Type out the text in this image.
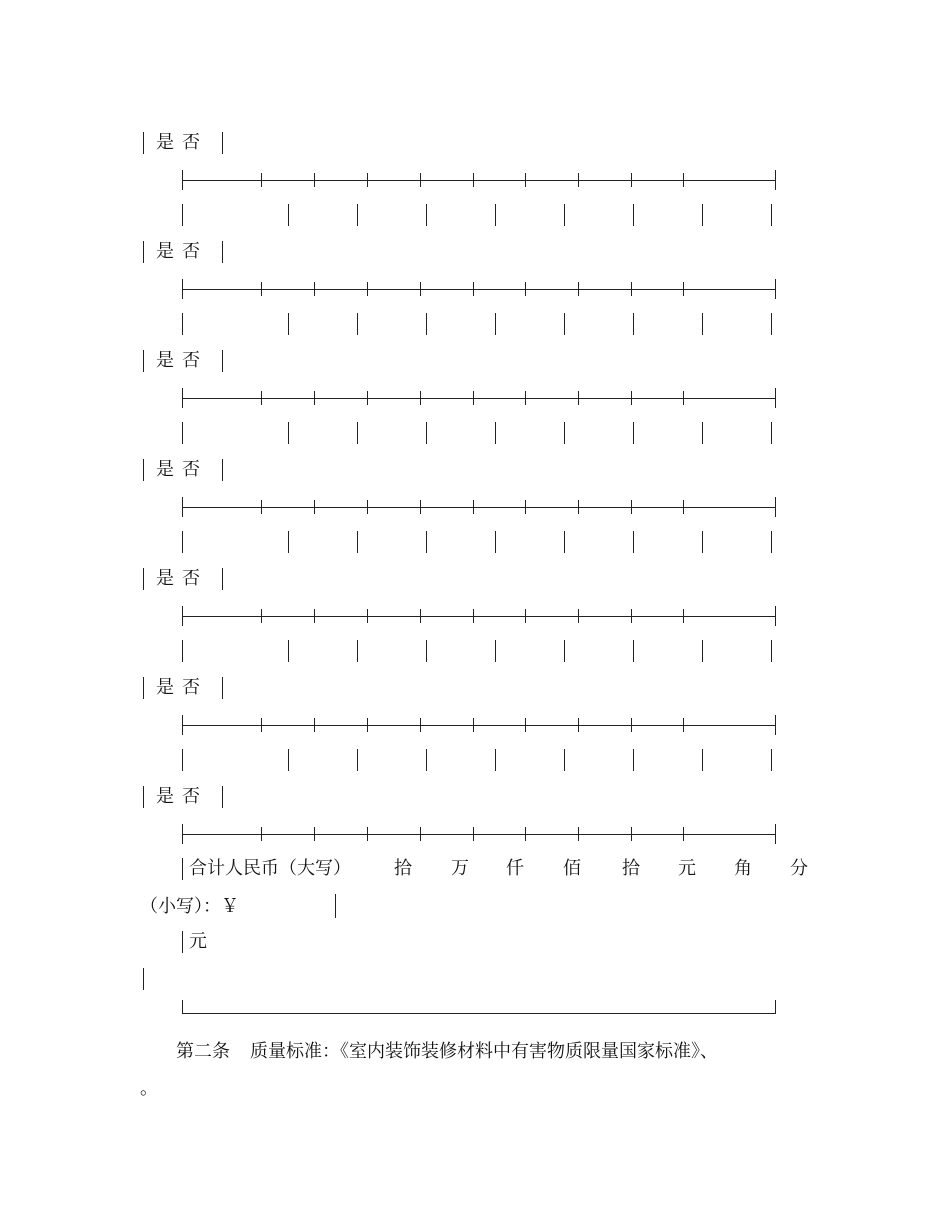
是 否
是 否
是 否
是 否
是 否
是 否
是 否
合计人民币（大写） 拾 万 仟 佰 拾 元 角 分
（小写）：￥
元
第二条 质量标准：《室内装饰装修材料中有害物质限量国家标准》、
。
